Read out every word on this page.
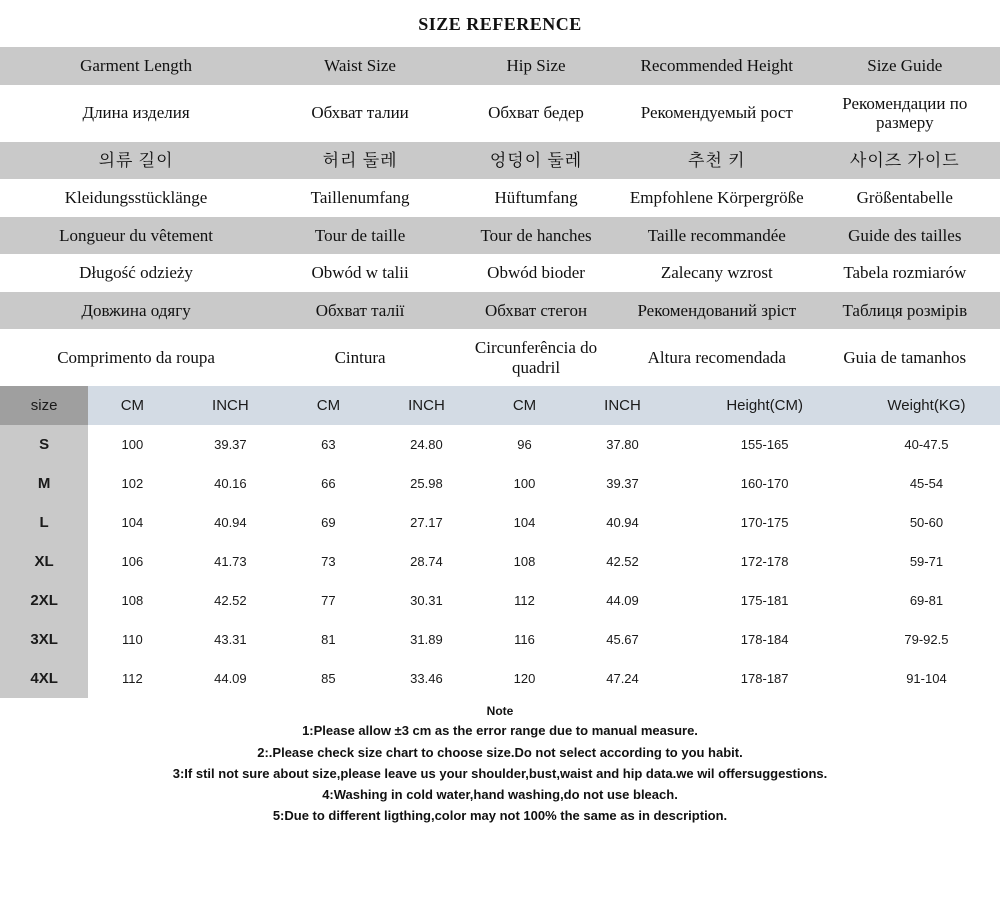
SIZE REFERENCE
Garment Length	Waist Size	Hip Size	Recommended Height	Size Guide
Длина изделия	Обхват талии	Обхват бедер	Рекомендуемый рост	Рекомендации по размеру
의류 길이	허리 둘레	엉덩이 둘레	추천 키	사이즈 가이드
Kleidungsstücklänge	Taillenumfang	Hüftumfang	Empfohlene Körpergröße	Größentabelle
Longueur du vêtement	Tour de taille	Tour de hanches	Taille recommandée	Guide des tailles
Długość odzieży	Obwód w talii	Obwód bioder	Zalecany wzrost	Tabela rozmiarów
Довжина одягу	Обхват талії	Обхват стегон	Рекомендований зріст	Таблиця розмірів
Comprimento da roupa	Cintura	Circunferência do quadril	Altura recomendada	Guia de tamanhos
size	CM	INCH	CM	INCH	CM	INCH	Height(CM)	Weight(KG)
S	100	39.37	63	24.80	96	37.80	155-165	40-47.5
M	102	40.16	66	25.98	100	39.37	160-170	45-54
L	104	40.94	69	27.17	104	40.94	170-175	50-60
XL	106	41.73	73	28.74	108	42.52	172-178	59-71
2XL	108	42.52	77	30.31	112	44.09	175-181	69-81
3XL	110	43.31	81	31.89	116	45.67	178-184	79-92.5
4XL	112	44.09	85	33.46	120	47.24	178-187	91-104
Note
1:Please allow ±3 cm as the error range due to manual measure.
2:.Please check size chart to choose size.Do not select according to you habit.
3:If stil not sure about size,please leave us your shoulder,bust,waist and hip data.we wil offersuggestions.
4:Washing in cold water,hand washing,do not use bleach.
5:Due to different ligthing,color may not 100% the same as in description.
